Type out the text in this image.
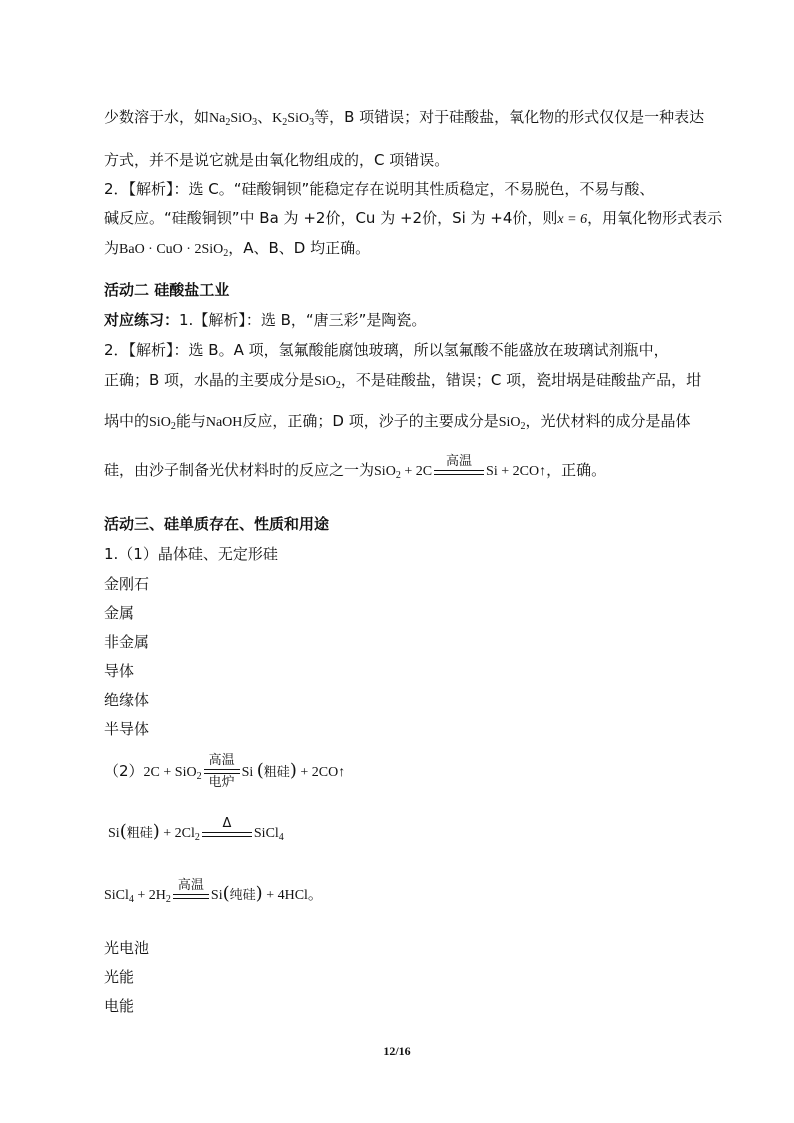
少数溶于水，如$Na_2SiO_3$、$K_2SiO_3$等，B 项错误；对于硅酸盐，氧化物的形式仅仅是一种表达
方式，并不是说它就是由氧化物组成的，C 项错误。
2．【解析】：选 C。“硅酸铜钡”能稳定存在说明其性质稳定，不易脱色，不易与酸、
碱反应。“硅酸铜钡”中 Ba 为 +2价，Cu 为 +2价，Si 为 +4价，则x = 6，用氧化物形式表示
为BaO · CuO · 2SiO$_2$，A、B、D 均正确。
活动二 硅酸盐工业
对应练习：1.【解析】：选 B，“唐三彩”是陶瓷。
2．【解析】：选 B。A 项，氢氟酸能腐蚀玻璃，所以氢氟酸不能盛放在玻璃试剂瓶中，
正确；B 项，水晶的主要成分是SiO$_2$，不是硅酸盐，错误；C 项，瓷坩埚是硅酸盐产品，坩
埚中的SiO$_2$能与NaOH反应，正确；D 项，沙子的主要成分是SiO$_2$，光伏材料的成分是晶体
硅，由沙子制备光伏材料时的反应之一为SiO$_2$ + 2C
高温
Si + 2CO↑，正确。
活动三、硅单质存在、性质和用途
1.（1）晶体硅、无定形硅
金刚石
金属
非金属
导体
绝缘体
半导体
（2）2C + SiO$_2$
高温
电炉
Si (粗硅) + 2CO↑
Si(粗硅) + $2Cl_2$
Δ
SiCl$_4$
SiCl$_4$ + $2H_2$
高温
Si(纯硅) + 4HCl。
光电池
光能
电能
12/16
